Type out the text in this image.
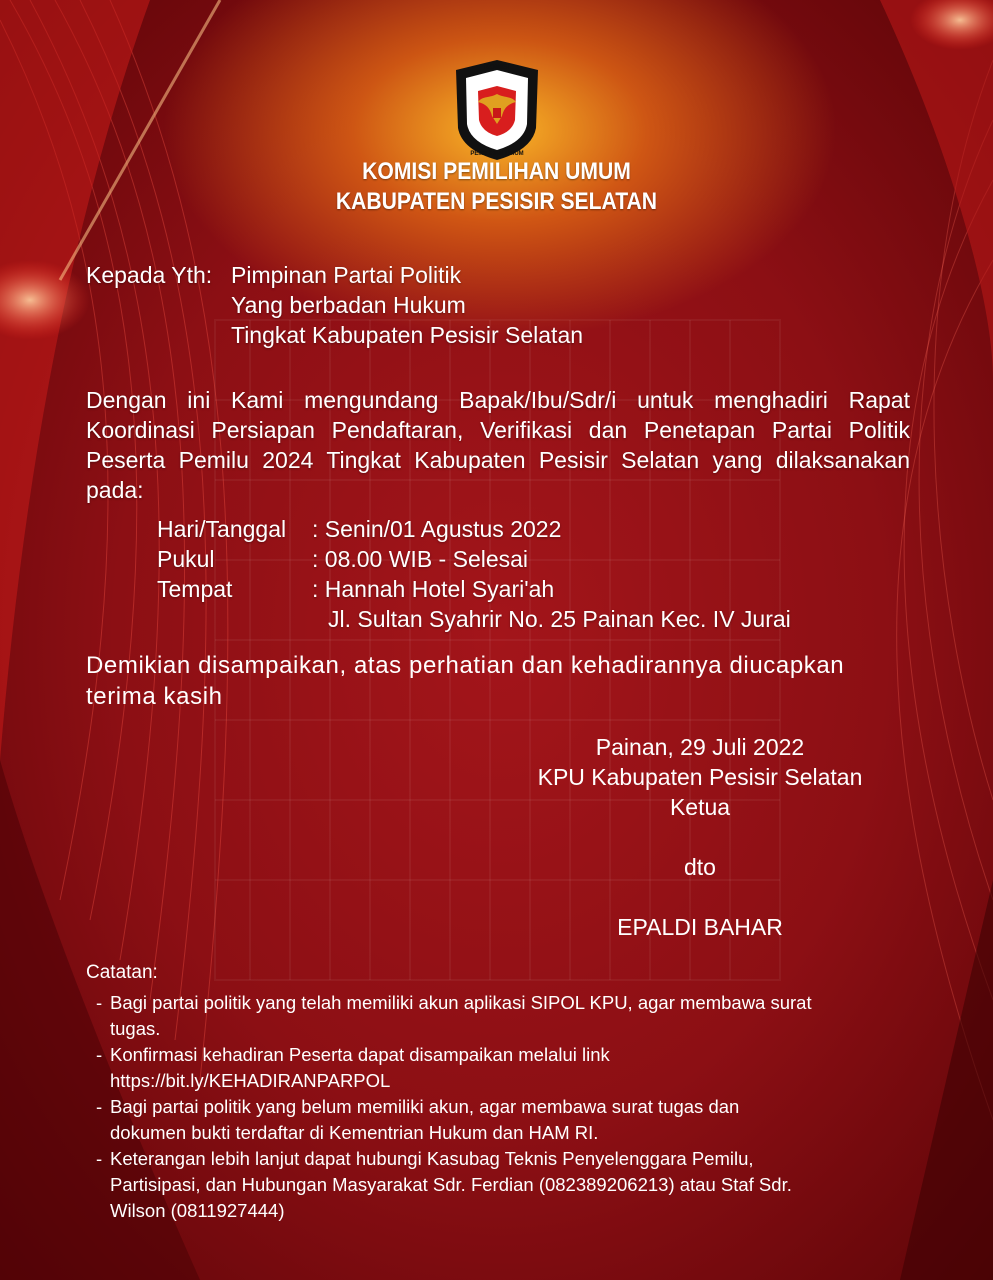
KOMISI
PEMILIHAN UMUM
KOMISI PEMILIHAN UMUM
KABUPATEN PESISIR SELATAN
Kepada Yth: Pimpinan Partai Politik
Yang berbadan Hukum
Tingkat Kabupaten Pesisir Selatan
Dengan ini Kami mengundang Bapak/Ibu/Sdr/i untuk menghadiri Rapat Koordinasi Persiapan Pendaftaran, Verifikasi dan Penetapan Partai Politik Peserta Pemilu 2024 Tingkat Kabupaten Pesisir Selatan yang dilaksanakan pada:
Hari/Tanggal	: Senin/01 Agustus 2022
Pukul	: 08.00 WIB - Selesai
Tempat	: Hannah Hotel Syari'ah
Jl. Sultan Syahrir No. 25 Painan Kec. IV Jurai
Demikian disampaikan, atas perhatian dan kehadirannya diucapkan terima kasih
Painan, 29 Juli 2022
KPU Kabupaten Pesisir Selatan
Ketua
dto
EPALDI BAHAR
Catatan:
- Bagi partai politik yang telah memiliki akun aplikasi SIPOL KPU, agar membawa surat tugas.
- Konfirmasi kehadiran Peserta dapat disampaikan melalui link https://bit.ly/KEHADIRANPARPOL
- Bagi partai politik yang belum memiliki akun, agar membawa surat tugas dan dokumen bukti terdaftar di Kementrian Hukum dan HAM RI.
- Keterangan lebih lanjut dapat hubungi Kasubag Teknis Penyelenggara Pemilu, Partisipasi, dan Hubungan Masyarakat Sdr. Ferdian (082389206213) atau Staf Sdr. Wilson (0811927444)
